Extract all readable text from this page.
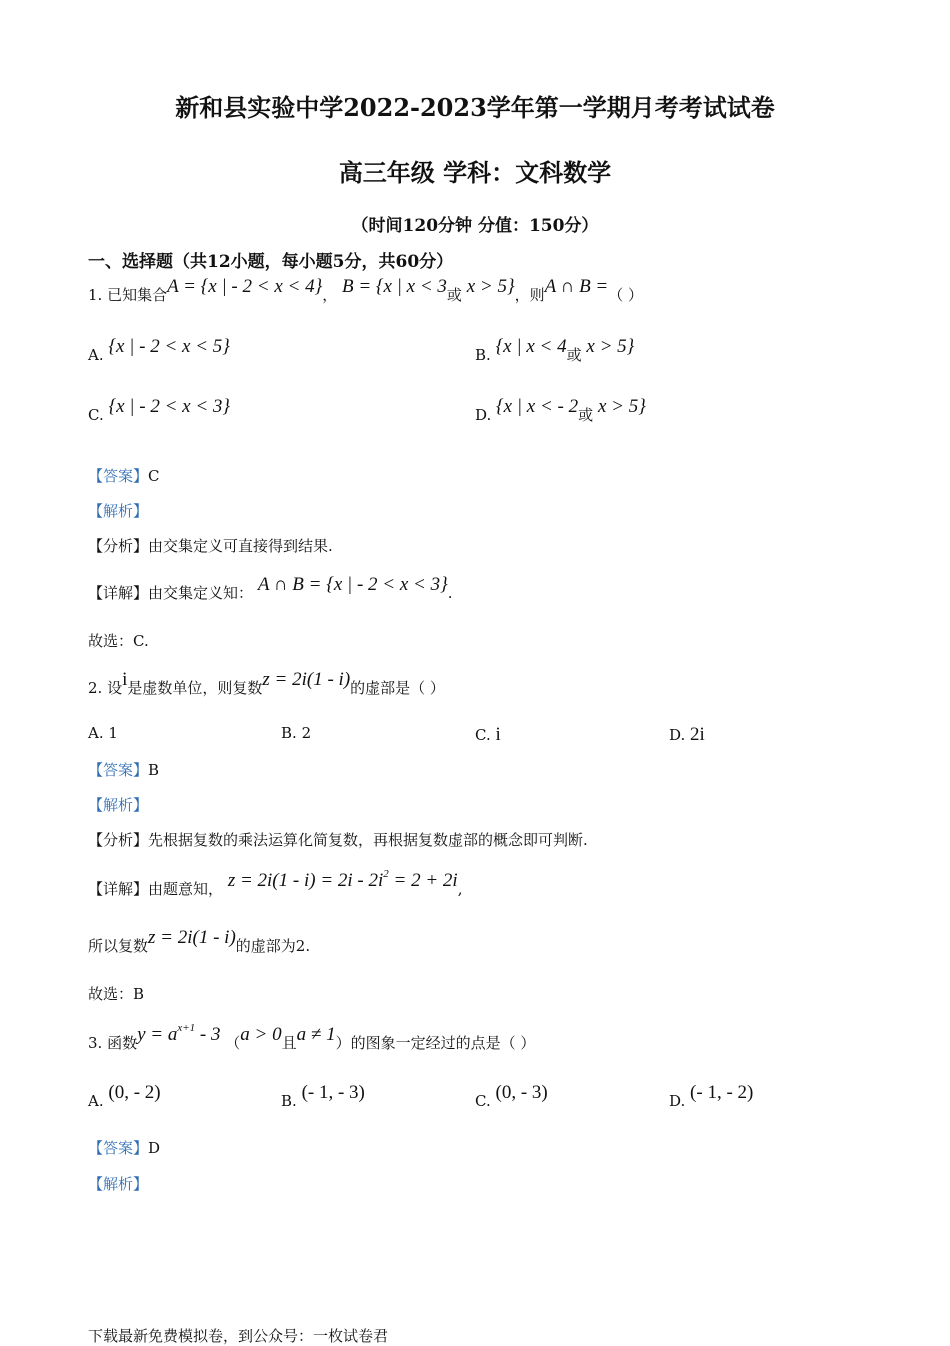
新和县实验中学2022-2023学年第一学期月考考试试卷
高三年级 学科：文科数学
（时间120分钟 分值：150分）
一、选择题（共12小题，每小题5分，共60分）
1. 已知集合A = {x | - 2 < x < 4}， B = {x | x < 3或 x > 5}，则A ∩ B =（ ）
A. {x | - 2 < x < 5}	B. {x | x < 4或 x > 5}
C. {x | - 2 < x < 3}	D. {x | x < - 2或 x > 5}
【答案】C
【解析】
【分析】由交集定义可直接得到结果.
【详解】由交集定义知： A ∩ B = {x | - 2 < x < 3}.
故选：C.
2. 设i是虚数单位，则复数z = 2i(1 - i)的虚部是（ ）
A. 1	B. 2	C. i	D. 2i
【答案】B
【解析】
【分析】先根据复数的乘法运算化简复数，再根据复数虚部的概念即可判断.
【详解】由题意知， $z = 2i(1 - i) = 2i - 2i^2 = 2 + 2i$,
所以复数z = 2i(1 - i)的虚部为2.
故选：B
3. 函数$y = a^{x+1} - 3$ （a > 0且a ≠ 1）的图象一定经过的点是（ ）
A. (0, - 2)	B. (- 1, - 3)	C. (0, - 3)	D. (- 1, - 2)
【答案】D
【解析】
下载最新免费模拟卷，到公众号：一枚试卷君
